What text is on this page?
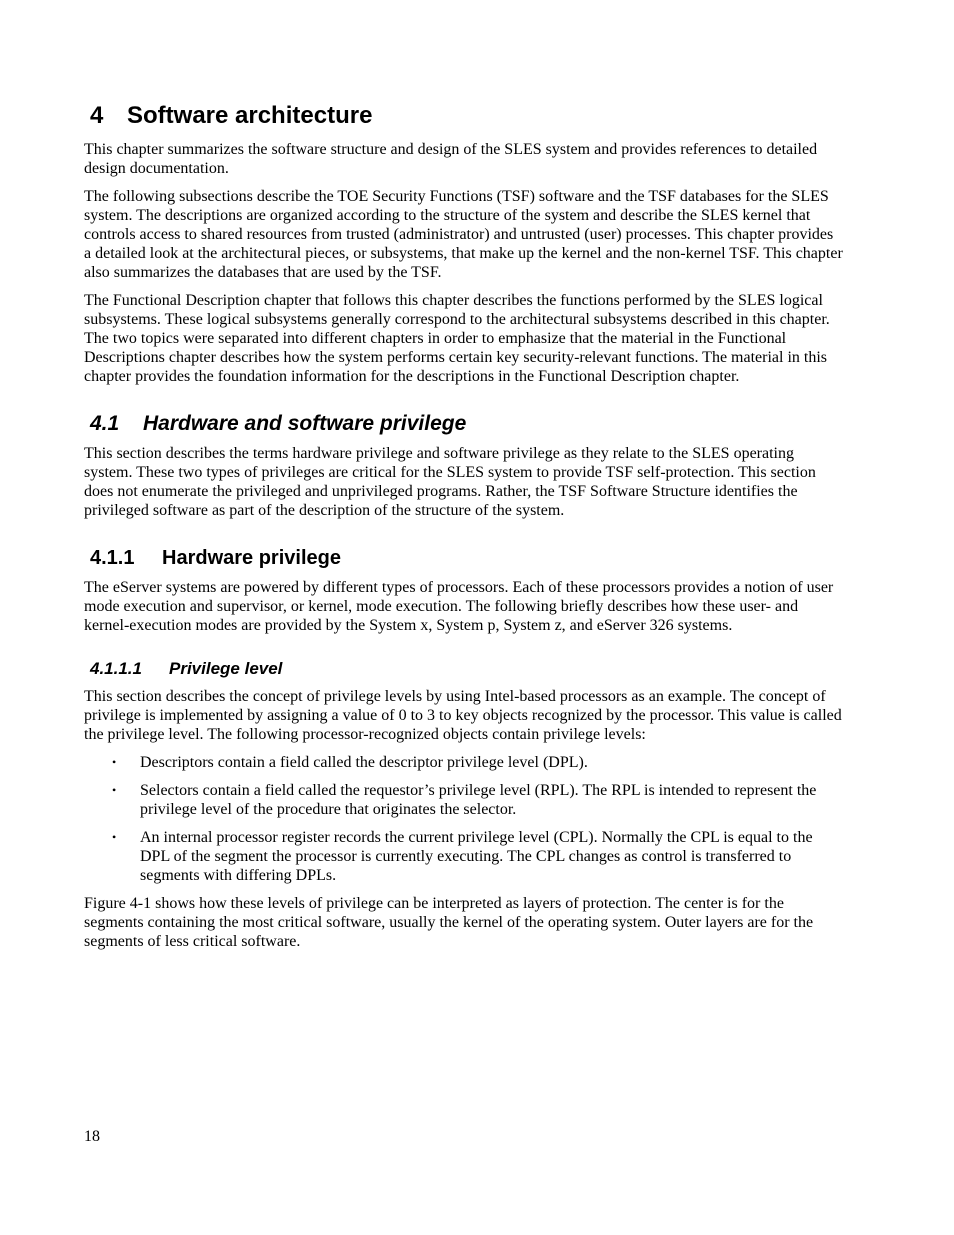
4 Software architecture

This chapter summarizes the software structure and design of the SLES system and provides references to detailed design documentation.

The following subsections describe the TOE Security Functions (TSF) software and the TSF databases for the SLES system. The descriptions are organized according to the structure of the system and describe the SLES kernel that controls access to shared resources from trusted (administrator) and untrusted (user) processes. This chapter provides a detailed look at the architectural pieces, or subsystems, that make up the kernel and the non-kernel TSF. This chapter also summarizes the databases that are used by the TSF.

The Functional Description chapter that follows this chapter describes the functions performed by the SLES logical subsystems. These logical subsystems generally correspond to the architectural subsystems described in this chapter. The two topics were separated into different chapters in order to emphasize that the material in the Functional Descriptions chapter describes how the system performs certain key security-relevant functions. The material in this chapter provides the foundation information for the descriptions in the Functional Description chapter.

4.1 Hardware and software privilege

This section describes the terms hardware privilege and software privilege as they relate to the SLES operating system. These two types of privileges are critical for the SLES system to provide TSF self-protection. This section does not enumerate the privileged and unprivileged programs. Rather, the TSF Software Structure identifies the privileged software as part of the description of the structure of the system.

4.1.1 Hardware privilege

The eServer systems are powered by different types of processors. Each of these processors provides a notion of user mode execution and supervisor, or kernel, mode execution. The following briefly describes how these user- and kernel-execution modes are provided by the System x, System p, System z, and eServer 326 systems.

4.1.1.1 Privilege level

This section describes the concept of privilege levels by using Intel-based processors as an example. The concept of privilege is implemented by assigning a value of 0 to 3 to key objects recognized by the processor. This value is called the privilege level. The following processor-recognized objects contain privilege levels:

• Descriptors contain a field called the descriptor privilege level (DPL).
• Selectors contain a field called the requestor’s privilege level (RPL). The RPL is intended to represent the privilege level of the procedure that originates the selector.
• An internal processor register records the current privilege level (CPL). Normally the CPL is equal to the DPL of the segment the processor is currently executing. The CPL changes as control is transferred to segments with differing DPLs.

Figure 4-1 shows how these levels of privilege can be interpreted as layers of protection. The center is for the segments containing the most critical software, usually the kernel of the operating system. Outer layers are for the segments of less critical software.

18
